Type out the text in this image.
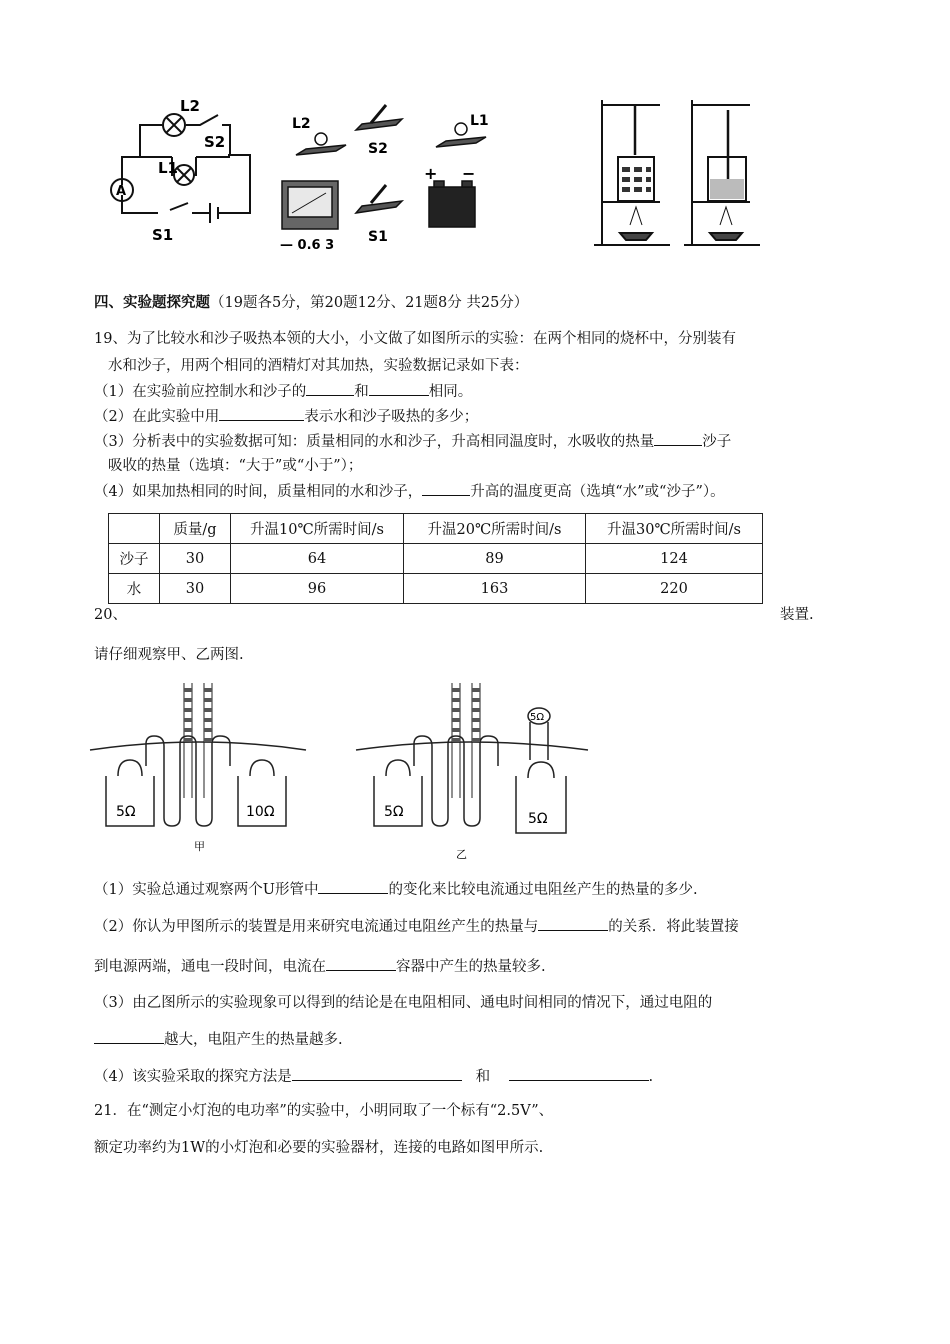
A
L2
S2
L1
S1
L2
S2
L1
S1
— 0.6 3
+ −
四、实验题探究题（19题各5分，第20题12分、21题8分 共25分）
19、为了比较水和沙子吸热本领的大小，小文做了如图所示的实验：在两个相同的烧杯中，分别装有
水和沙子，用两个相同的酒精灯对其加热，实验数据记录如下表：
（1）在实验前应控制水和沙子的	和	相同。
（2）在此实验中用	表示水和沙子吸热的多少；
（3）分析表中的实验数据可知：质量相同的水和沙子，升高相同温度时，水吸收的热量	沙子
吸收的热量（选填：“大于”或“小于”）；
（4）如果加热相同的时间，质量相同的水和沙子，	升高的温度更高（选填“水”或“沙子”）。
	质量/g	升温10℃所需时间/s	升温20℃所需时间/s	升温30℃所需时间/s
沙子	30	64	89	124
水	30	96	163	220
20、	装置.
请仔细观察甲、乙两图.
5Ω	10Ω	5Ω	5Ω
5Ω
甲
乙
（1）实验总通过观察两个U形管中	的变化来比较电流通过电阻丝产生的热量的多少.
（2）你认为甲图所示的装置是用来研究电流通过电阻丝产生的热量与	的关系．将此装置接
到电源两端，通电一段时间，电流在	容器中产生的热量较多.
（3）由乙图所示的实验现象可以得到的结论是在电阻相同、通电时间相同的情况下，通过电阻的
越大，电阻产生的热量越多.
（4）该实验采取的探究方法是	和	.
21．在“测定小灯泡的电功率”的实验中，小明同取了一个标有“2.5V”、
额定功率约为1W的小灯泡和必要的实验器材，连接的电路如图甲所示.
